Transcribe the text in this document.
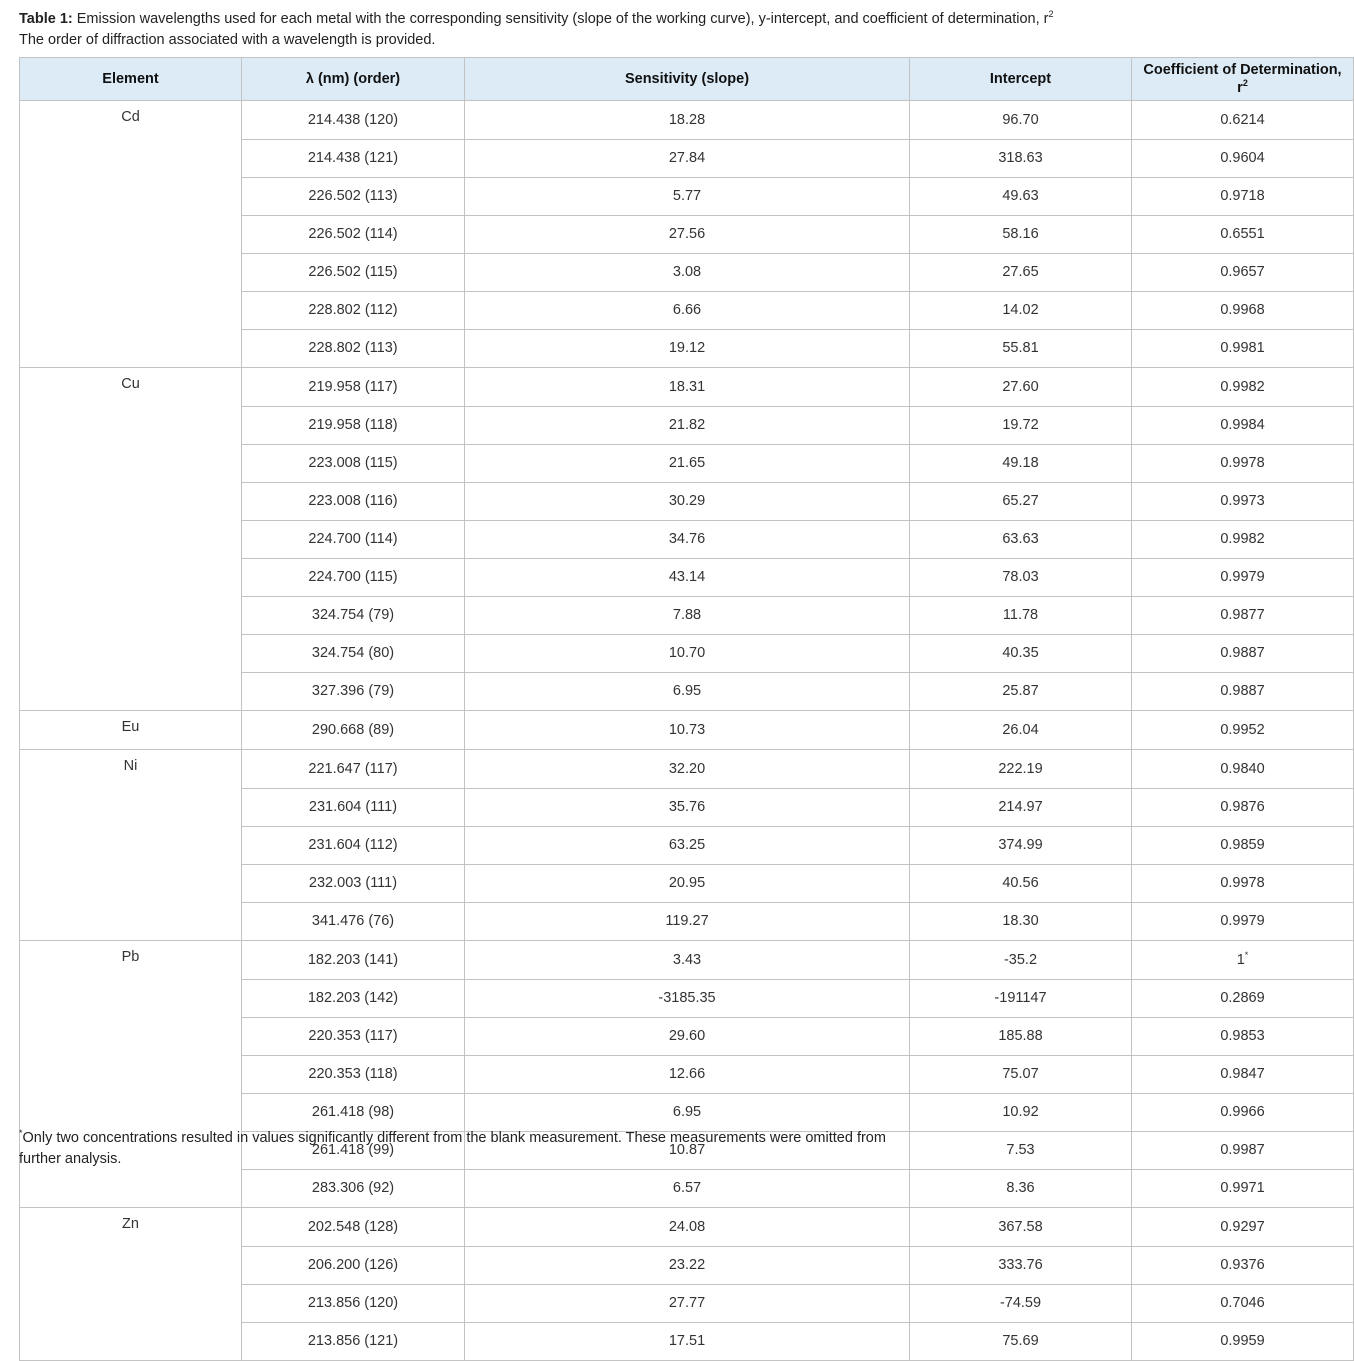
Table 1: Emission wavelengths used for each metal with the corresponding sensitivity (slope of the working curve), y-intercept, and coefficient of determination, $r^2$
The order of diffraction associated with a wavelength is provided.
Element	λ (nm) (order)	Sensitivity (slope)	Intercept	Coefficient of Determination,
$r^2$
Cd	214.438 (120)	18.28	96.70	0.6214
	214.438 (121)	27.84	318.63	0.9604
	226.502 (113)	5.77	49.63	0.9718
	226.502 (114)	27.56	58.16	0.6551
	226.502 (115)	3.08	27.65	0.9657
	228.802 (112)	6.66	14.02	0.9968
	228.802 (113)	19.12	55.81	0.9981
Cu	219.958 (117)	18.31	27.60	0.9982
	219.958 (118)	21.82	19.72	0.9984
	223.008 (115)	21.65	49.18	0.9978
	223.008 (116)	30.29	65.27	0.9973
	224.700 (114)	34.76	63.63	0.9982
	224.700 (115)	43.14	78.03	0.9979
	324.754 (79)	7.88	11.78	0.9877
	324.754 (80)	10.70	40.35	0.9887
	327.396 (79)	6.95	25.87	0.9887
Eu	290.668 (89)	10.73	26.04	0.9952
Ni	221.647 (117)	32.20	222.19	0.9840
	231.604 (111)	35.76	214.97	0.9876
	231.604 (112)	63.25	374.99	0.9859
	232.003 (111)	20.95	40.56	0.9978
	341.476 (76)	119.27	18.30	0.9979
Pb	182.203 (141)	3.43	-35.2	1*
	182.203 (142)	-3185.35	-191147	0.2869
	220.353 (117)	29.60	185.88	0.9853
	220.353 (118)	12.66	75.07	0.9847
	261.418 (98)	6.95	10.92	0.9966
	261.418 (99)	10.87	7.53	0.9987
	283.306 (92)	6.57	8.36	0.9971
Zn	202.548 (128)	24.08	367.58	0.9297
	206.200 (126)	23.22	333.76	0.9376
	213.856 (120)	27.77	-74.59	0.7046
	213.856 (121)	17.51	75.69	0.9959
*Only two concentrations resulted in values significantly different from the blank measurement. These measurements were omitted from further analysis.
